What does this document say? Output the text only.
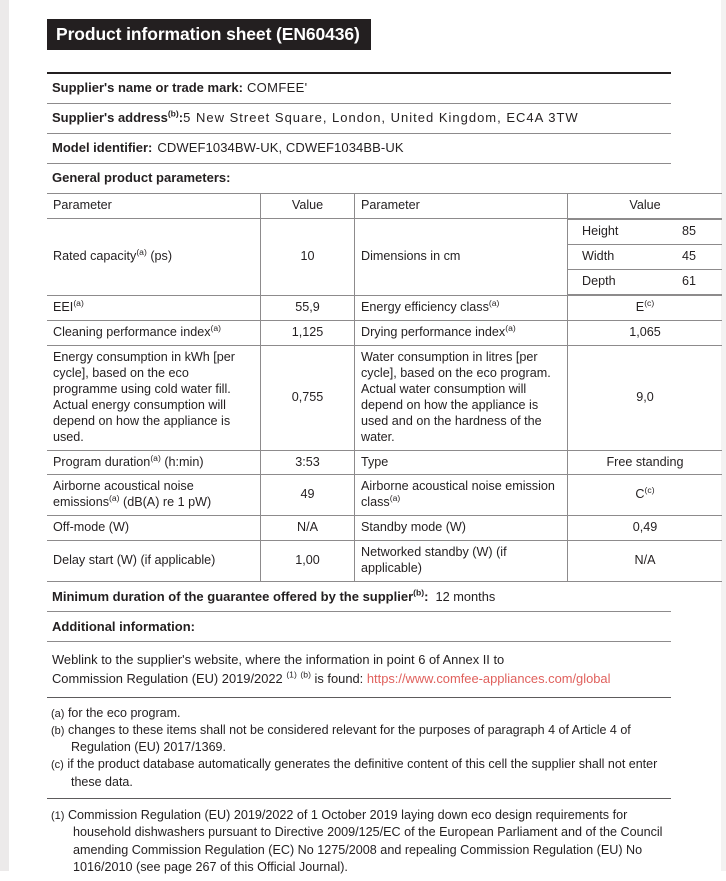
Product information sheet (EN60436)
Supplier's name or trade mark: COMFEE'
Supplier's address$^{(b)}$:5 New Street Square, London, United Kingdom, EC4A 3TW
Model identifier: CDWEF1034BW-UK, CDWEF1034BB-UK
General product parameters:
Parameter	Value	Parameter	Value
Rated capacity$^{(a)}$ (ps)	10	Dimensions in cm	
Height	85
Width	45
Depth	61

EEI$^{(a)}$	55,9	Energy efficiency class$^{(a)}$	E$^{(c)}$
Cleaning performance index$^{(a)}$	1,125	Drying performance index$^{(a)}$	1,065
Energy consumption in kWh [per cycle], based on the eco programme using cold water fill. Actual energy consumption will depend on how the appliance is used.	0,755	Water consumption in litres [per cycle], based on the eco program. Actual water consumption will depend on how the appliance is used and on the hardness of the water.	9,0
Program duration$^{(a)}$ (h:min)	3:53	Type	Free standing
Airborne acoustical noise emissions$^{(a)}$ (dB(A) re 1 pW)	49	Airborne acoustical noise emission class$^{(a)}$	C$^{(c)}$
Off-mode (W)	N/A	Standby mode (W)	0,49
Delay start (W) (if applicable)	1,00	Networked standby (W) (if applicable)	N/A
Minimum duration of the guarantee offered by the supplier$^{(b)}$: 12 months
Additional information:
Weblink to the supplier's website, where the information in point 6 of Annex II to
Commission Regulation (EU) 2019/2022 $^{(1)}$ $^{(b)}$ is found: https://www.comfee-appliances.com/global

(a) for the eco program.

(b) changes to these items shall not be considered relevant for the purposes of paragraph 4 of Article 4 of Regulation (EU) 2017/1369.

(c) if the product database automatically generates the definitive content of this cell the supplier shall not enter these data.

(1) Commission Regulation (EU) 2019/2022 of 1 October 2019 laying down eco design requirements for household dishwashers pursuant to Directive 2009/125/EC of the European Parliament and of the Council amending Commission Regulation (EC) No 1275/2008 and repealing Commission Regulation (EU) No 1016/2010 (see page 267 of this Official Journal).
